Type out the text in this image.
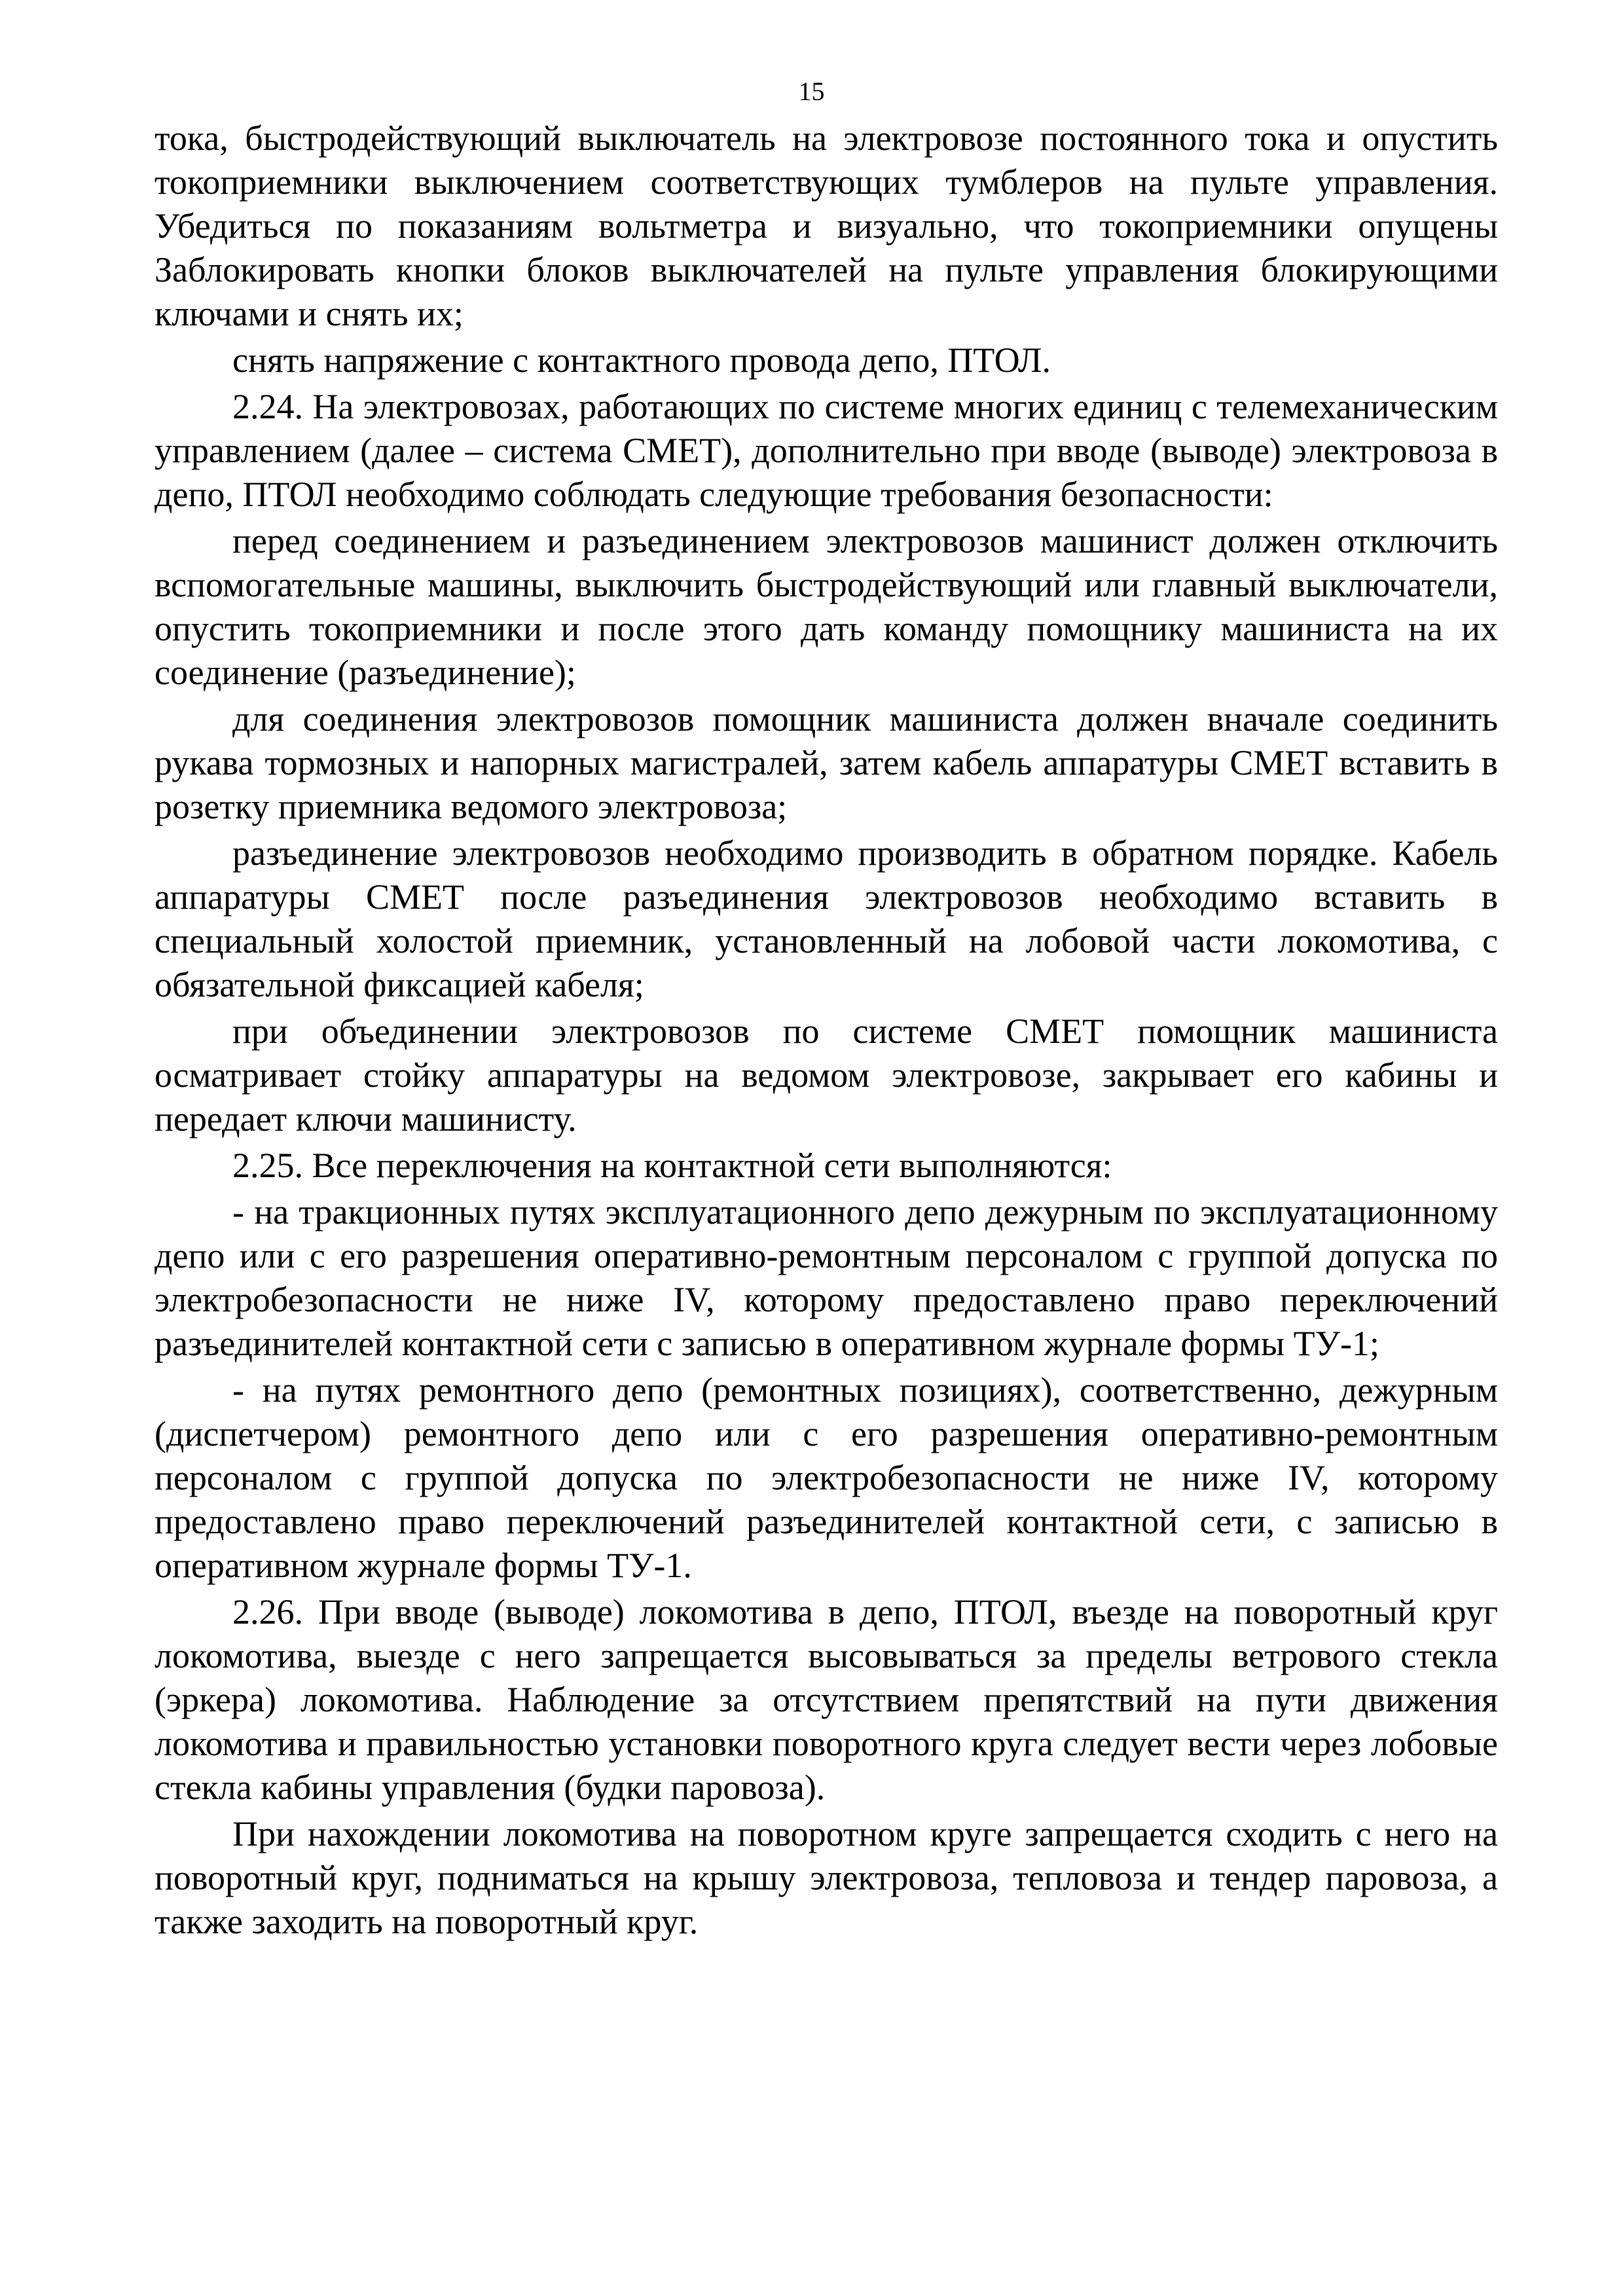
15

тока, быстродействующий выключатель на электровозе постоянного тока и опустить токоприемники выключением соответствующих тумблеров на пульте управления. Убедиться по показаниям вольтметра и визуально, что токоприемники опущены Заблокировать кнопки блоков выключателей на пульте управления блокирующими ключами и снять их;

снять напряжение с контактного провода депо, ПТОЛ.

2.24. На электровозах, работающих по системе многих единиц с телемеханическим управлением (далее – система СМЕТ), дополнительно при вводе (выводе) электровоза в депо, ПТОЛ необходимо соблюдать следующие требования безопасности:

перед соединением и разъединением электровозов машинист должен отключить вспомогательные машины, выключить быстродействующий или главный выключатели, опустить токоприемники и после этого дать команду помощнику машиниста на их соединение (разъединение);

для соединения электровозов помощник машиниста должен вначале соединить рукава тормозных и напорных магистралей, затем кабель аппаратуры СМЕТ вставить в розетку приемника ведомого электровоза;

разъединение электровозов необходимо производить в обратном порядке. Кабель аппаратуры СМЕТ после разъединения электровозов необходимо вставить в специальный холостой приемник, установленный на лобовой части локомотива, с обязательной фиксацией кабеля;

при объединении электровозов по системе СМЕТ помощник машиниста осматривает стойку аппаратуры на ведомом электровозе, закрывает его кабины и передает ключи машинисту.

2.25. Все переключения на контактной сети выполняются:

- на тракционных путях эксплуатационного депо дежурным по эксплуатационному депо или с его разрешения оперативно-ремонтным персоналом с группой допуска по электробезопасности не ниже IV, которому предоставлено право переключений разъединителей контактной сети с записью в оперативном журнале формы ТУ-1;

- на путях ремонтного депо (ремонтных позициях), соответственно, дежурным (диспетчером) ремонтного депо или с его разрешения оперативно-ремонтным персоналом с группой допуска по электробезопасности не ниже IV, которому предоставлено право переключений разъединителей контактной сети, с записью в оперативном журнале формы ТУ-1.

2.26. При вводе (выводе) локомотива в депо, ПТОЛ, въезде на поворотный круг локомотива, выезде с него запрещается высовываться за пределы ветрового стекла (эркера) локомотива. Наблюдение за отсутствием препятствий на пути движения локомотива и правильностью установки поворотного круга следует вести через лобовые стекла кабины управления (будки паровоза).

При нахождении локомотива на поворотном круге запрещается сходить с него на поворотный круг, подниматься на крышу электровоза, тепловоза и тендер паровоза, а также заходить на поворотный круг.
